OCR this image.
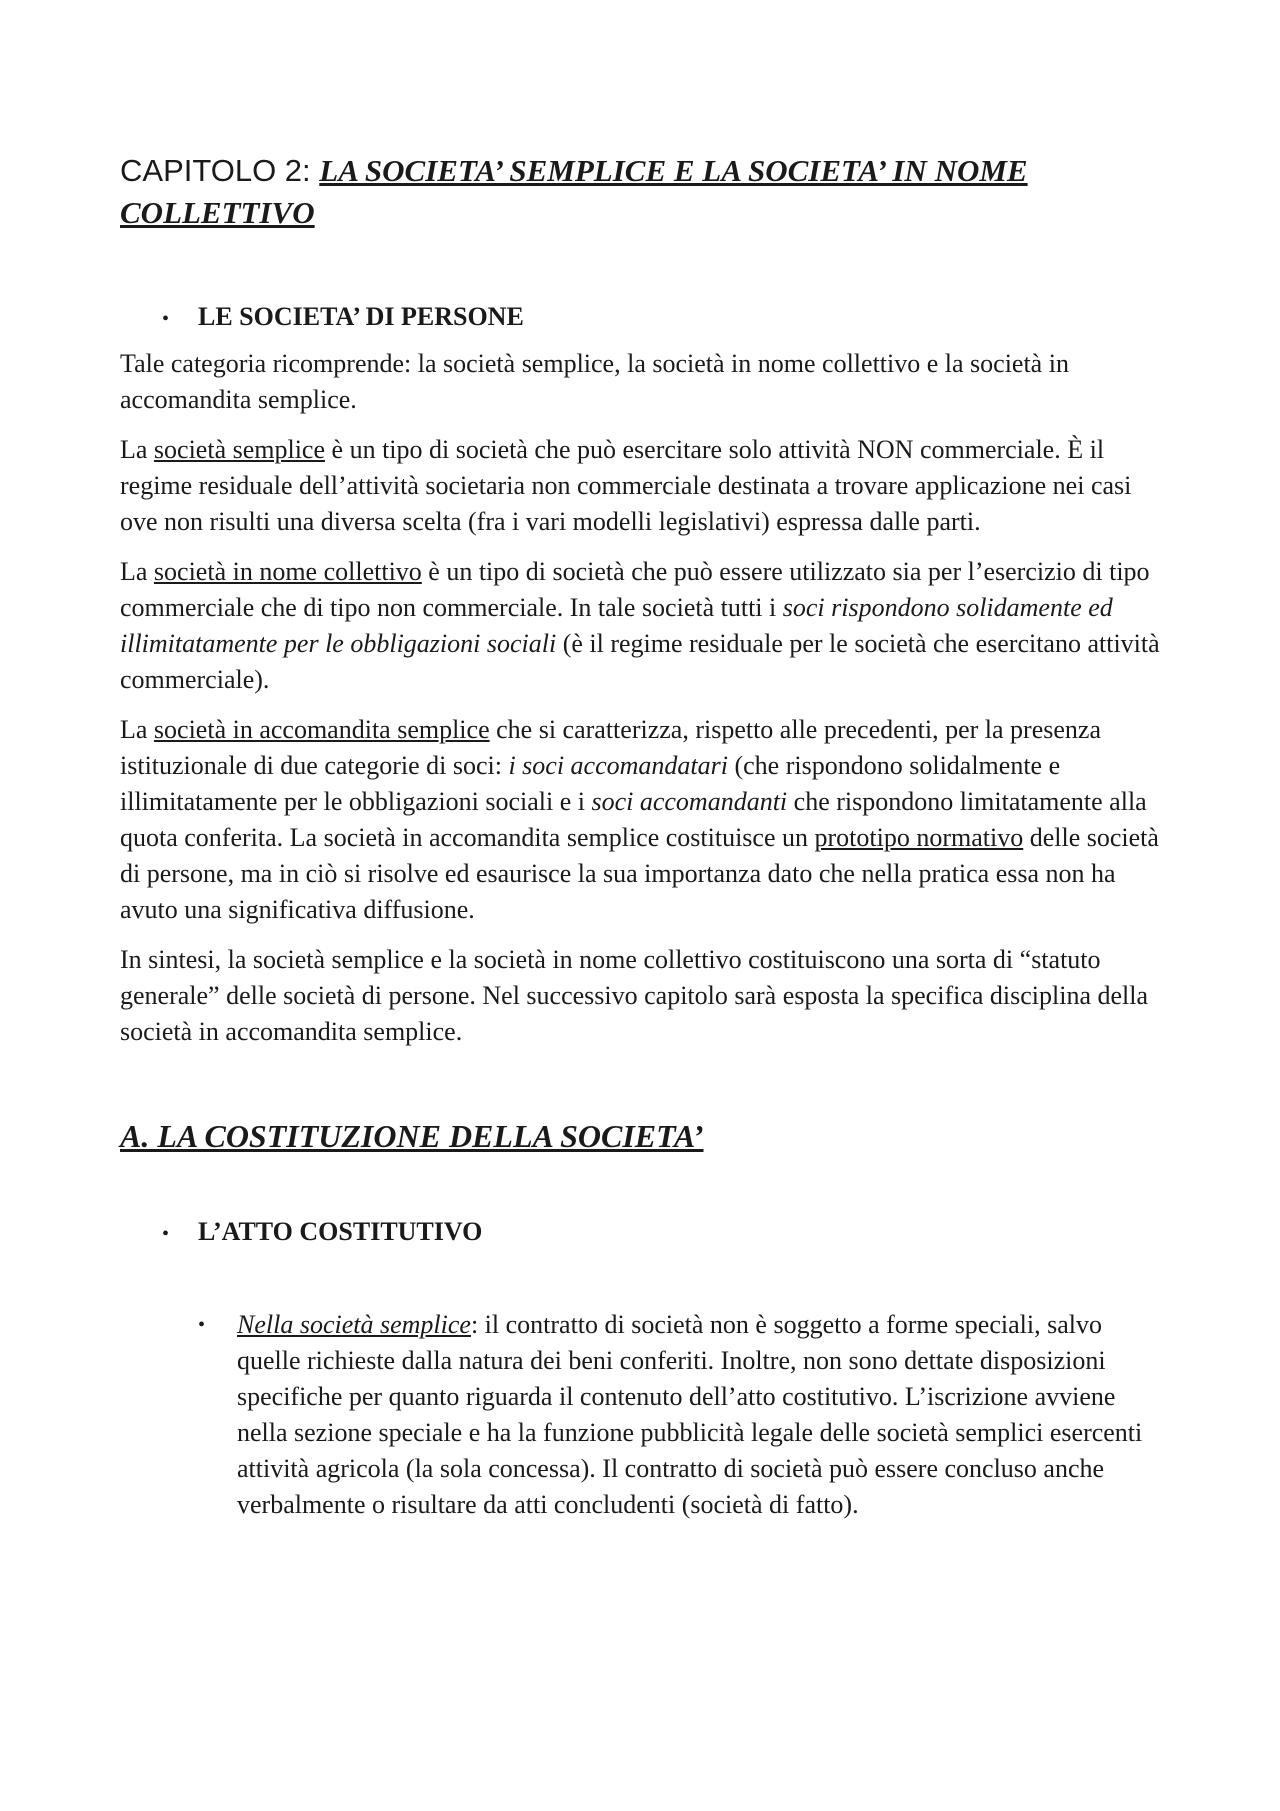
CAPITOLO 2: LA SOCIETA’ SEMPLICE E LA SOCIETA’ IN NOME COLLETTIVO
•	LE SOCIETA’ DI PERSONE

Tale categoria ricomprende: la società semplice, la società in nome collettivo e la società in accomandita semplice.

La società semplice è un tipo di società che può esercitare solo attività NON commerciale. È il regime residuale dell’attività societaria non commerciale destinata a trovare applicazione nei casi ove non risulti una diversa scelta (fra i vari modelli legislativi) espressa dalle parti.

La società in nome collettivo è un tipo di società che può essere utilizzato sia per l’esercizio di tipo commerciale che di tipo non commerciale. In tale società tutti i soci rispondono solidamente ed illimitatamente per le obbligazioni sociali (è il regime residuale per le società che esercitano attività commerciale).

La società in accomandita semplice che si caratterizza, rispetto alle precedenti, per la presenza istituzionale di due categorie di soci: i soci accomandatari (che rispondono solidalmente e illimitatamente per le obbligazioni sociali e i soci accomandanti che rispondono limitatamente alla quota conferita. La società in accomandita semplice costituisce un prototipo normativo delle società di persone, ma in ciò si risolve ed esaurisce la sua importanza dato che nella pratica essa non ha avuto una significativa diffusione.

In sintesi, la società semplice e la società in nome collettivo costituiscono una sorta di “statuto generale” delle società di persone. Nel successivo capitolo sarà esposta la specifica disciplina della società in accomandita semplice.

A. LA COSTITUZIONE DELLA SOCIETA’
•	L’ATTO COSTITUTIVO
•	Nella società semplice: il contratto di società non è soggetto a forme speciali, salvo quelle richieste dalla natura dei beni conferiti. Inoltre, non sono dettate disposizioni specifiche per quanto riguarda il contenuto dell’atto costitutivo. L’iscrizione avviene nella sezione speciale e ha la funzione pubblicità legale delle società semplici esercenti attività agricola (la sola concessa). Il contratto di società può essere concluso anche verbalmente o risultare da atti concludenti (società di fatto).
